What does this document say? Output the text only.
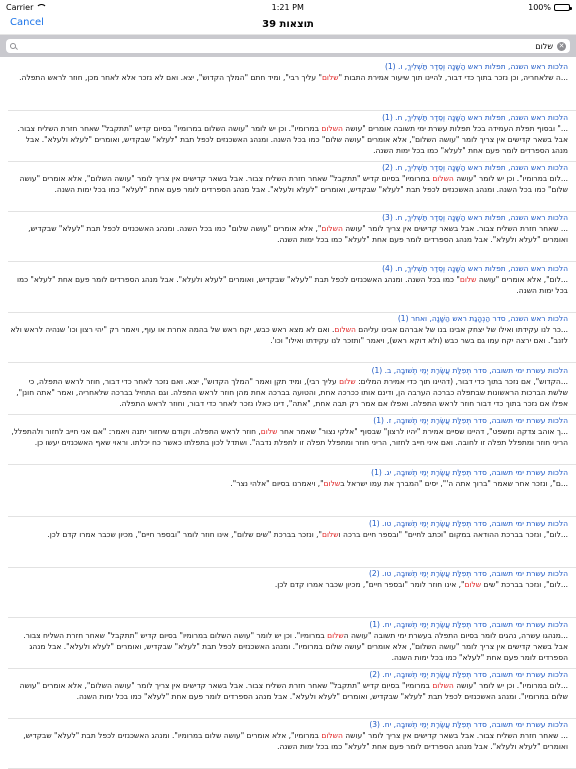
Carrier	1:21 PM	100%
Cancel	39 תוצאות
שלום ✕
הלכות ראש השנה, תפלות ראש הַשָּׁנָה וְסֵדֶר תַּשְׁלִיךְ, ו. (1)
...ה שלאחריה, וכן נזכר בתוך כדי דבור, להיינו תוך שיעור אמירת התבות "שלום" עליך רבי", ומיד חתם "המלך הקדוש", יצא. ואם לא נזכר אלא לאחר מכן, חוזר לראש התפלה.
הלכות ראש השנה, תפלות ראש הַשָּׁנָה וְסֵדֶר תַּשְׁלִיךְ, ח. (1)
..." ובסוף תפלת העמידה בכל תפלות עשרת ימי תשובה אומרים "עושה השלום במרומיו". וכן יש לומר "עושה השלום במרומיו" בסיום קדיש "תתקבל" שאחר חזרת השליח צבור. אבל בשאר קדישים אין צריך לומר "עושה השלום", אלא אומרים "עושה שלום" כמו בכל השנה. ומנהג האשכנזים לכפל תבת "לעלא" שבקדיש, ואומרים "לעלא ולעלא". אבל מנהג הספרדים לומר פעם אחת "לעלא" כמו בכל ימות השנה.
הלכות ראש השנה, תפלות ראש הַשָּׁנָה וְסֵדֶר תַּשְׁלִיךְ, ח. (2)
...לום במרומיו". וכן יש לומר "עושה השלום במרומיו" בסיום קדיש "תתקבל" שאחר חזרת השליח צבור. אבל בשאר קדישים אין צריך לומר "עושה השלום", אלא אומרים "עושה שלום" כמו בכל השנה. ומנהג האשכנזים לכפל תבת "לעלא" שבקדיש, ואומרים "לעלא ולעלא". אבל מנהג הספרדים לומר פעם אחת "לעלא" כמו בכל ימות השנה.
הלכות ראש השנה, תפלות ראש הַשָּׁנָה וְסֵדֶר תַּשְׁלִיךְ, ח. (3)
... שאחר חזרת השליח צבור. אבל בשאר קדישים אין צריך לומר "עושה השלום", אלא אומרים "עושה שלום" כמו בכל השנה. ומנהג האשכנזים לכפל תבת "לעלא" שבקדיש, ואומרים "לעלא ולעלא". אבל מנהג הספרדים לומר פעם אחת "לעלא" כמו בכל ימות השנה.
הלכות ראש השנה, תפלות ראש הַשָּׁנָה וְסֵדֶר תַּשְׁלִיךְ, ח. (4)
...לום", אלא אומרים "עושה שלום" כמו בכל השנה. ומנהג האשכנזים לכפל תבת "לעלא" שבקדיש, ואומרים "לעלא ולעלא". אבל מנהג הספרדים לומר פעם אחת "לעלא" כמו בכל ימות השנה.
הלכות ראש השנה, סדר הַנְהָגַת ראש הַשָּׁנָה, ואחר (1)
...כר לנו עקידתו ואילו של יצחק אבינו בנו של אברהם אבינו עליהם השלום. ואם לא מצא ראש כבש, יקח ראש של בהמה אחרת או עוף, ויאמר רק "יהי רצון וכו' שנהיה לראש ולא לזנב". ואם ירצה יקח עמו גם בשר כבש (ולא דוקא ראש), ויאמר "ותזכר לנו עקידתו ואילו" וכו'.
הלכות עשרת ימי תשובה, סדר תְּפִלַּת עֲשֶׂרֶת יְמֵי תְשׁוּבָה, ב. (1)
...הקדוש", אם נזכר בתוך כדי דבור, (דהיינו תוך כדי אמירת המלים: שלום עליך רבי), ומיד תקן ואמר "המלך הקדוש", יצא. ואם נזכר לאחר כדי דבור, חוזר לראש התפלה, כי שלשת הברכות הראשונות שבתפלה כברכה הערבה הן, ודינם אותו ככרכה אחת, והטועה בברכה אחת מהן חוזר לראש התפלה. וגם התחיל בברכה שלאחריה, ואמר "אתה חונן", אפלו אם נזכר בתוך כדי דבור חוזר לראש התפלה. ואפלו אם אמר רק תבה אחת, "אתה", דינו כאלו נזכר לאחר כדי דבור, וחוזר לראש התפלה.
הלכות עשרת ימי תשובה, סדר תְּפִלַּת עֲשֶׂרֶת יְמֵי תְשׁוּבָה, ז. (1)
...ך אוהב צדקה ומשפט", דהיינו שסיים אמירת "יהיו לרצון" שבסוף "אלקי נצור" שאמר אחר שלום, חוזר לראש התפלה. וקודם שיחזור יתנה ויאמר: "אם אני חייב לחזור ולהתפלל, הריני חוזר ומתפלל תפלה זו לחובה. ואם איני חייב לחזור, הריני חוזר ומתפלל תפלה זו לתפלת נדבה". ושתדל לכון בתפלתו כאשר כח יכלתו. וראוי שאף האשכנזים יעשו כן.
הלכות עשרת ימי תשובה, סדר תְּפִלַּת עֲשֶׂרֶת יְמֵי תְשׁוּבָה, יג. (1)
...ם", ונזכר אחר שאמר "ברוך אתה ה'", יסים "המברך את עמו ישראל בשלום", ויאמרנו בסיום "אלהי נצר".
הלכות עשרת ימי תשובה, סדר תְּפִלַּת עֲשֶׂרֶת יְמֵי תְשׁוּבָה, טו. (1)
...לום", ונזכר בברכת ההודאה במקום "וכתב לחיים" "ובספר חיים ברכה ושלום", ונזכר בברכת "שים שלום", אינו חוזר לומר "ובספר חיים", מכיון שכבר אמרו קדם לכן.
הלכות עשרת ימי תשובה, סדר תְּפִלַּת עֲשֶׂרֶת יְמֵי תְשׁוּבָה, טו. (2)
...לום", ונזכר בברכת "שים שלום", אינו חוזר לומר "ובספר חיים", מכיון שכבר אמרו קדם לכן.
הלכות עשרת ימי תשובה, סדר תְּפִלַּת עֲשֶׂרֶת יְמֵי תְשׁוּבָה, יח. (1)
...מנהגו עשרה, נהגים לומר בסיום התפלה בעשרת ימי תשובה "עושה השלום במרומיו". וכן יש לומר "עושה השלום במרומיו" בסיום קדיש "תתקבל" שאחר חזרת השליח צבור. אבל בשאר קדישים אין צריך לומר "עושה השלום", אלא אומרים "עושה שלום במרומיו". ומנהג האשכנזים לכפל תבת "לעלא" שבקדיש, ואומרים "לעלא ולעלא". אבל מנהג הספרדים לומר פעם אחת "לעלא" כמו בכל ימות השנה.
הלכות עשרת ימי תשובה, סדר תְּפִלַּת עֲשֶׂרֶת יְמֵי תְשׁוּבָה, יח. (2)
...לום במרומיו". וכן יש לומר "עושה השלום במרומיו" בסיום קדיש "תתקבל" שאחר חזרת השליח צבור. אבל בשאר קדישים אין צריך לומר "עושה השלום", אלא אומרים "עושה שלום במרומיו". ומנהג האשכנזים לכפל תבת "לעלא" שבקדיש, ואומרים "לעלא ולעלא". אבל מנהג הספרדים לומר פעם אחת "לעלא" כמו בכל ימות השנה.
הלכות עשרת ימי תשובה, סדר תְּפִלַּת עֲשֶׂרֶת יְמֵי תְשׁוּבָה, יח. (3)
... שאחר חזרת השליח צבור. אבל בשאר קדישים אין צריך לומר "עושה השלום במרומיו", אלא אומרים "עושה שלום במרומיו". ומנהג האשכנזים לכפל תבת "לעלא" שבקדיש, ואומרים "לעלא ולעלא". אבל מנהג הספרדים לומר פעם אחת "לעלא" כמו בכל ימות השנה.
